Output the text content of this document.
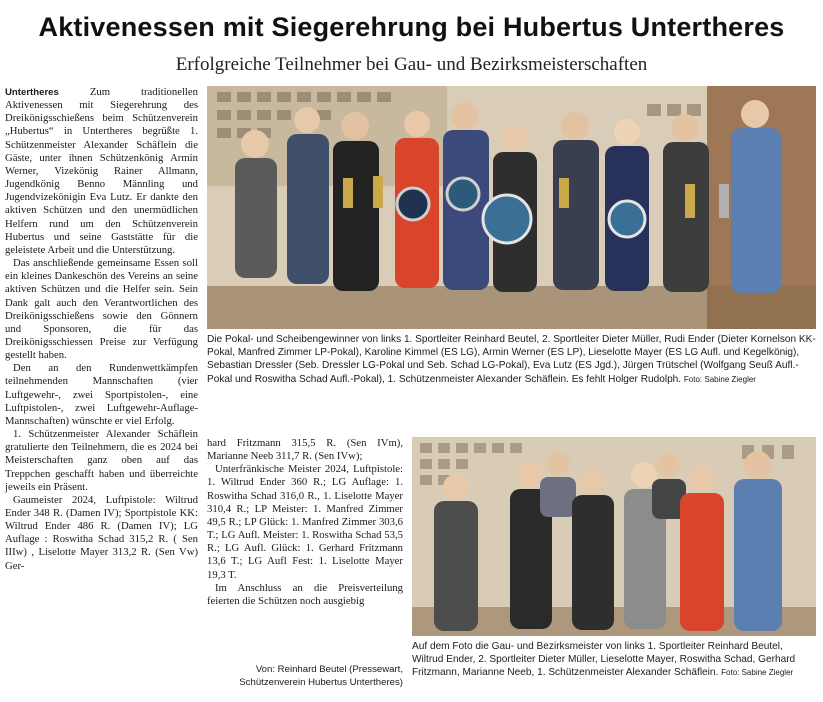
Aktivenessen mit Siegerehrung bei Hubertus Untertheres
Erfolgreiche Teilnehmer bei Gau- und Bezirksmeisterschaften

Untertheres Zum traditionellen Aktivenessen mit Siegerehrung des Dreikönigsschießens beim Schützenverein „Hubertus“ in Untertheres begrüßte 1. Schützenmeister Alexander Schäflein die Gäste, unter ihnen Schützenkönig Armin Werner, Vizekönig Rainer Allmann, Jugendkönig Benno Männling und Jugendvizekönigin Eva Lutz. Er dankte den aktiven Schützen und den unermüdlichen Helfern rund um den Schützenverein Hubertus und seine Gaststätte für die geleistete Arbeit und die Unterstützung.

Das anschließende gemeinsame Essen soll ein kleines Dankeschön des Vereins an seine aktiven Schützen und die Helfer sein. Sein Dank galt auch den Verantwortlichen des Dreikönigsschießens sowie den Gönnern und Sponsoren, die für das Dreikönigsschiessen Preise zur Verfügung gestellt haben.

Den an den Rundenwettkämpfen teilnehmenden Mannschaften (vier Luftgewehr-, zwei Sportpistolen-, eine Luftpistolen-, zwei Luftgewehr-Auflage-Mannschaften) wünschte er viel Erfolg.

1. Schützenmeister Alexander Schäflein gratulierte den Teilnehmern, die es 2024 bei Meisterschaften ganz oben auf das Treppchen geschafft haben und überreichte jeweils ein Präsent.

Gaumeister 2024, Luftpistole: Wiltrud Ender 348 R. (Damen IV); Sportpistole KK: Wiltrud Ender 486 R. (Damen IV); LG Auflage : Roswitha Schad 315,2 R. ( Sen IIIw) , Liselotte Mayer 313,2 R. (Sen Vw) Ger-

Die Pokal- und Scheibengewinner von links 1. Sportleiter Reinhard Beutel, 2. Sportleiter Dieter Müller, Rudi Ender (Dieter Kornelson KK-Pokal, Manfred Zimmer LP-Pokal), Karoline Kimmel (ES LG), Armin Werner (ES LP), Lieselotte Mayer (ES LG Aufl. und Kegelkönig), Sebastian Dressler (Seb. Dressler LG-Pokal und Seb. Schad LG-Pokal), Eva Lutz (ES Jgd.), Jürgen Trütschel (Wolfgang Seuß Aufl.-Pokal und Roswitha Schad Aufl.-Pokal), 1. Schützenmeister Alexander Schäflein. Es fehlt Holger Rudolph. Foto: Sabine Ziegler

hard Fritzmann 315,5 R. (Sen IVm), Marianne Neeb 311,7 R. (Sen IVw);

Unterfränkische Meister 2024, Luftpistole: 1. Wiltrud Ender 360 R.; LG Auflage: 1. Roswitha Schad 316,0 R., 1. Liselotte Mayer 310,4 R.; LP Meister: 1. Manfred Zimmer 49,5 R.; LP Glück: 1. Manfred Zimmer 303,6 T.; LG Aufl. Meister: 1. Roswitha Schad 53,5 R.; LG Aufl. Glück: 1. Gerhard Fritzmann 13,6 T.; LG Aufl Fest: 1. Liselotte Mayer 19,3 T.

Im Anschluss an die Preisverteilung feierten die Schützen noch ausgiebig

Von: Reinhard Beutel (Pressewart,
Schützenverein Hubertus Untertheres)
Auf dem Foto die Gau- und Bezirksmeister von links 1. Sportleiter Reinhard Beutel, Wiltrud Ender, 2. Sportleiter Dieter Müller, Lieselotte Mayer, Roswitha Schad, Gerhard Fritzmann, Marianne Neeb, 1. Schützenmeister Alexander Schäflein. Foto: Sabine Ziegler
